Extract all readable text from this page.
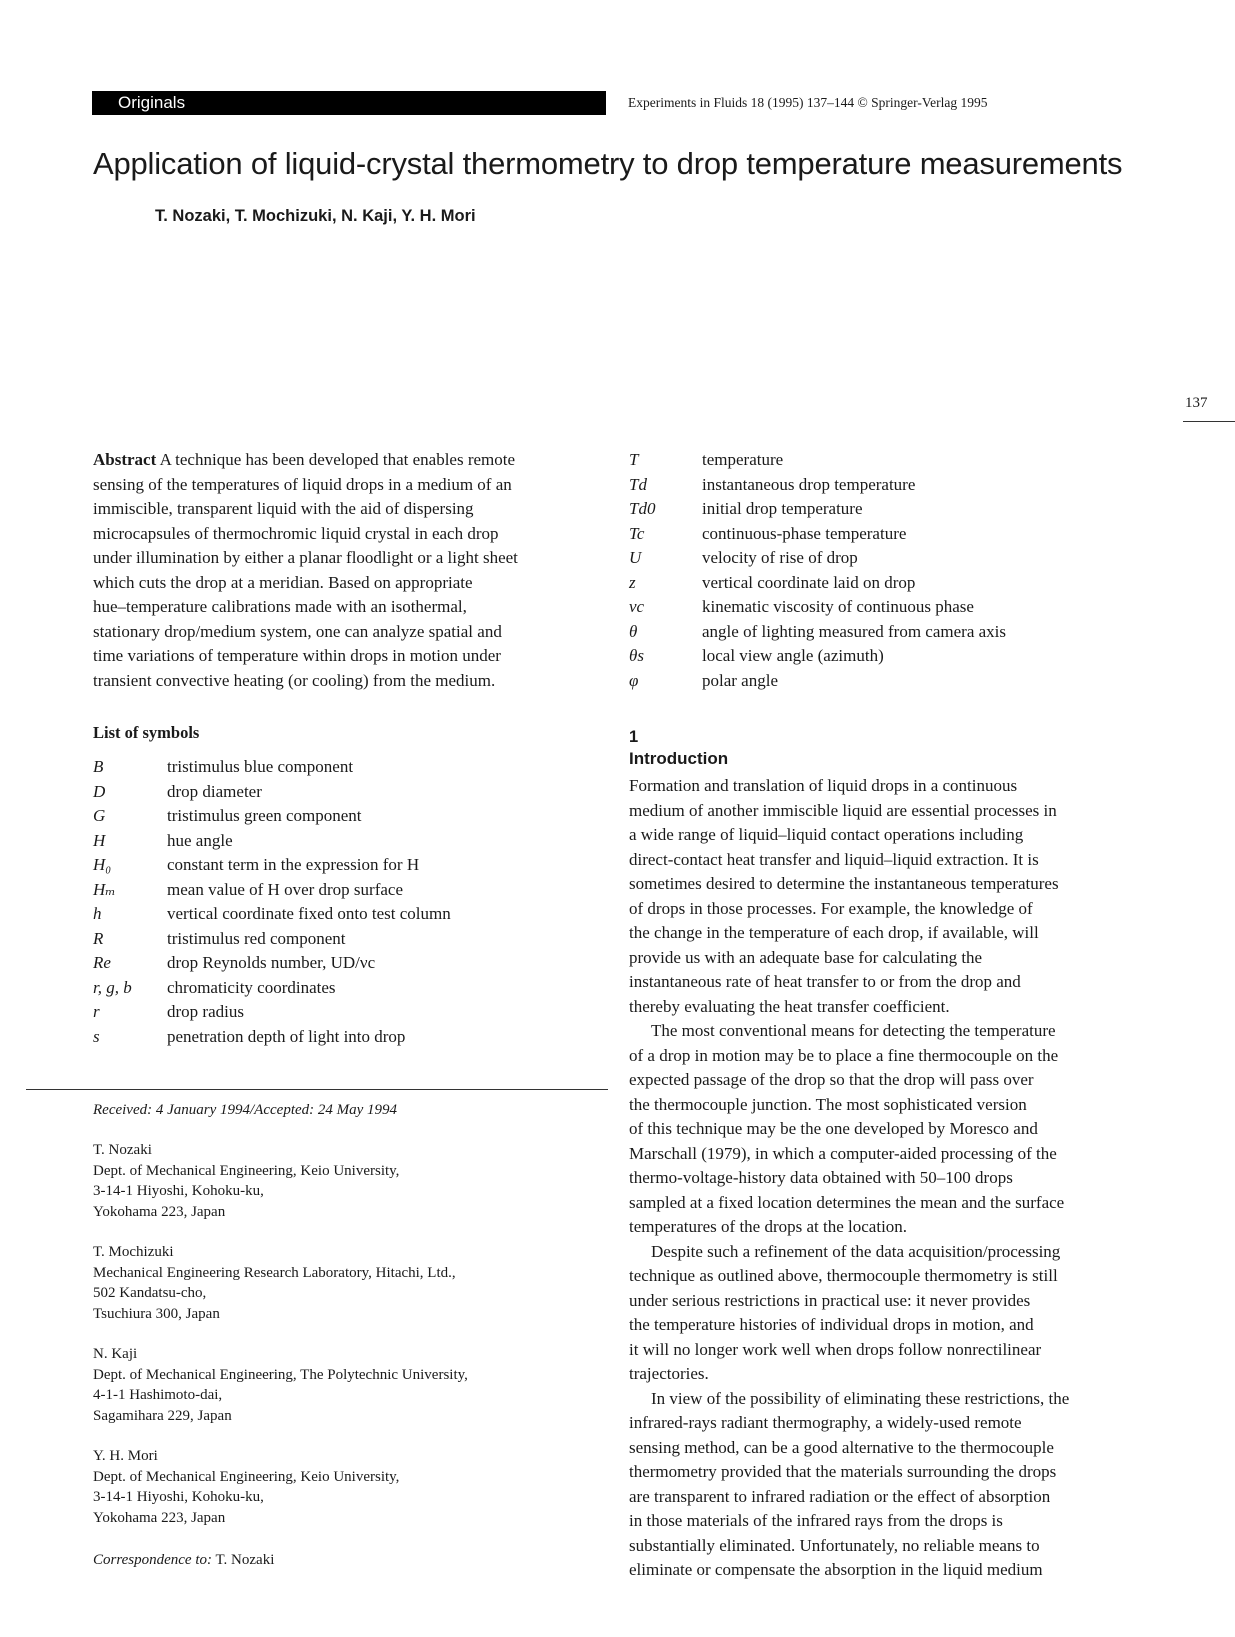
Originals	Experiments in Fluids 18 (1995) 137–144 © Springer-Verlag 1995
Application of liquid-crystal thermometry to drop temperature measurements
T. Nozaki, T. Mochizuki, N. Kaji, Y. H. Mori
137
Abstract A technique has been developed that enables remote
sensing of the temperatures of liquid drops in a medium of an
immiscible, transparent liquid with the aid of dispersing
microcapsules of thermochromic liquid crystal in each drop
under illumination by either a planar floodlight or a light sheet
which cuts the drop at a meridian. Based on appropriate
hue–temperature calibrations made with an isothermal,
stationary drop/medium system, one can analyze spatial and
time variations of temperature within drops in motion under
transient convective heating (or cooling) from the medium.
List of symbols
B	tristimulus blue component
D	drop diameter
G	tristimulus green component
H	hue angle
H₀	constant term in the expression for H
Hₘ	mean value of H over drop surface
h	vertical coordinate fixed onto test column
R	tristimulus red component
Re	drop Reynolds number, UD/νc
r, g, b	chromaticity coordinates
r	drop radius
s	penetration depth of light into drop
Received: 4 January 1994/Accepted: 24 May 1994
T. Nozaki
Dept. of Mechanical Engineering, Keio University,
3-14-1 Hiyoshi, Kohoku-ku,
Yokohama 223, Japan
T. Mochizuki
Mechanical Engineering Research Laboratory, Hitachi, Ltd.,
502 Kandatsu-cho,
Tsuchiura 300, Japan
N. Kaji
Dept. of Mechanical Engineering, The Polytechnic University,
4-1-1 Hashimoto-dai,
Sagamihara 229, Japan
Y. H. Mori
Dept. of Mechanical Engineering, Keio University,
3-14-1 Hiyoshi, Kohoku-ku,
Yokohama 223, Japan
Correspondence to: T. Nozaki
T	temperature
Td	instantaneous drop temperature
Td0	initial drop temperature
Tc	continuous-phase temperature
U	velocity of rise of drop
z	vertical coordinate laid on drop
νc	kinematic viscosity of continuous phase
θ	angle of lighting measured from camera axis
θs	local view angle (azimuth)
φ	polar angle
1
Introduction
Formation and translation of liquid drops in a continuous
medium of another immiscible liquid are essential processes in
a wide range of liquid–liquid contact operations including
direct-contact heat transfer and liquid–liquid extraction. It is
sometimes desired to determine the instantaneous temperatures
of drops in those processes. For example, the knowledge of
the change in the temperature of each drop, if available, will
provide us with an adequate base for calculating the
instantaneous rate of heat transfer to or from the drop and
thereby evaluating the heat transfer coefficient.
The most conventional means for detecting the temperature
of a drop in motion may be to place a fine thermocouple on the
expected passage of the drop so that the drop will pass over
the thermocouple junction. The most sophisticated version
of this technique may be the one developed by Moresco and
Marschall (1979), in which a computer-aided processing of the
thermo-voltage-history data obtained with 50–100 drops
sampled at a fixed location determines the mean and the surface
temperatures of the drops at the location.
Despite such a refinement of the data acquisition/processing
technique as outlined above, thermocouple thermometry is still
under serious restrictions in practical use: it never provides
the temperature histories of individual drops in motion, and
it will no longer work well when drops follow nonrectilinear
trajectories.
In view of the possibility of eliminating these restrictions, the
infrared-rays radiant thermography, a widely-used remote
sensing method, can be a good alternative to the thermocouple
thermometry provided that the materials surrounding the drops
are transparent to infrared radiation or the effect of absorption
in those materials of the infrared rays from the drops is
substantially eliminated. Unfortunately, no reliable means to
eliminate or compensate the absorption in the liquid medium
